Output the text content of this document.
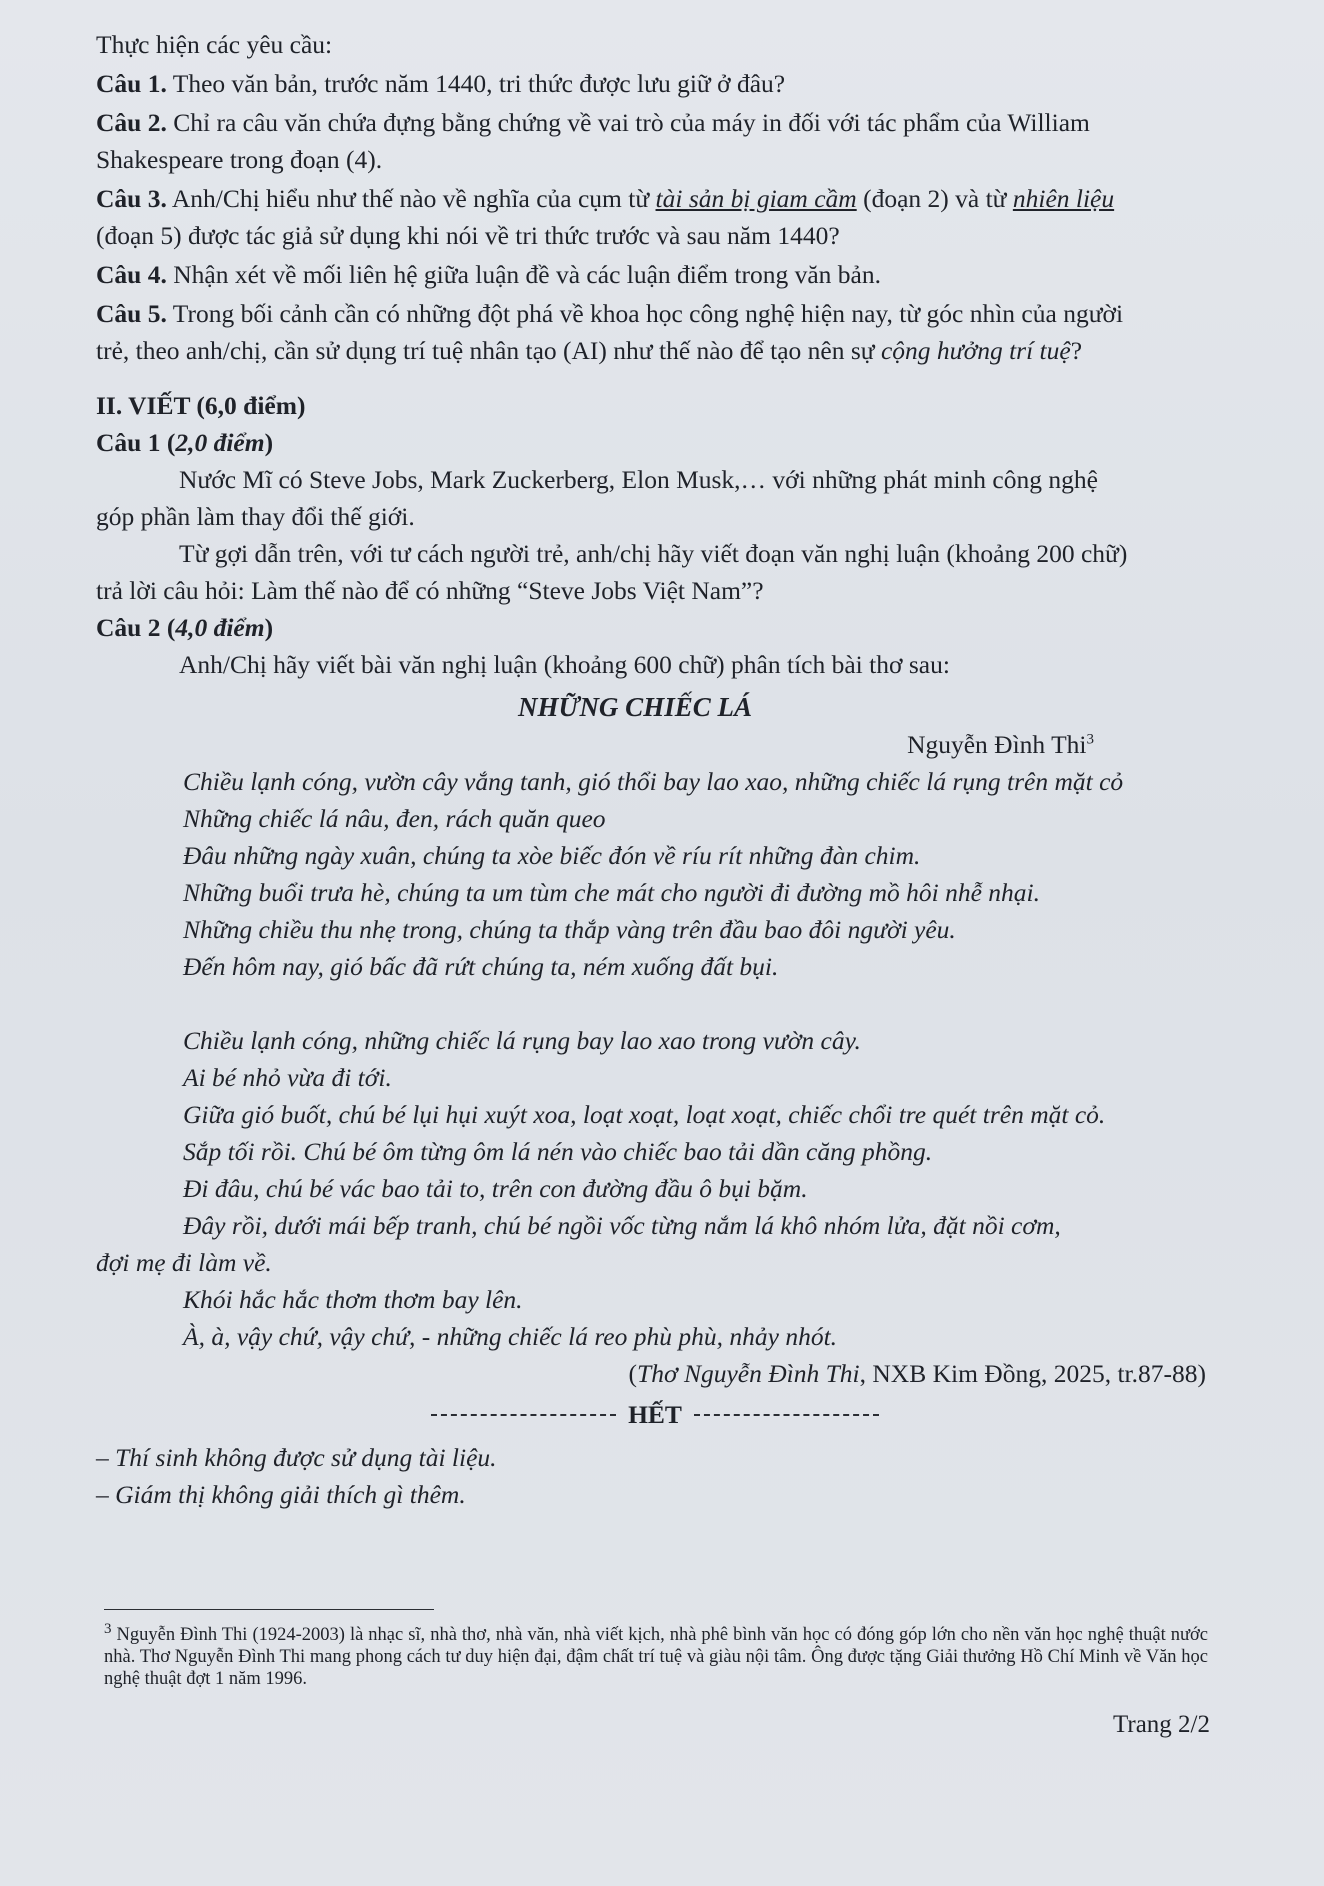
Thực hiện các yêu cầu:
Câu 1. Theo văn bản, trước năm 1440, tri thức được lưu giữ ở đâu?
Câu 2. Chỉ ra câu văn chứa đựng bằng chứng về vai trò của máy in đối với tác phẩm của William
Shakespeare trong đoạn (4).
Câu 3. Anh/Chị hiểu như thế nào về nghĩa của cụm từ tài sản bị giam cầm (đoạn 2) và từ nhiên liệu
(đoạn 5) được tác giả sử dụng khi nói về tri thức trước và sau năm 1440?
Câu 4. Nhận xét về mối liên hệ giữa luận đề và các luận điểm trong văn bản.
Câu 5. Trong bối cảnh cần có những đột phá về khoa học công nghệ hiện nay, từ góc nhìn của người
trẻ, theo anh/chị, cần sử dụng trí tuệ nhân tạo (AI) như thế nào để tạo nên sự cộng hưởng trí tuệ?
II. VIẾT (6,0 điểm)
Câu 1 (2,0 điểm)
Nước Mĩ có Steve Jobs, Mark Zuckerberg, Elon Musk,… với những phát minh công nghệ
góp phần làm thay đổi thế giới.
Từ gợi dẫn trên, với tư cách người trẻ, anh/chị hãy viết đoạn văn nghị luận (khoảng 200 chữ)
trả lời câu hỏi: Làm thế nào để có những “Steve Jobs Việt Nam”?
Câu 2 (4,0 điểm)
Anh/Chị hãy viết bài văn nghị luận (khoảng 600 chữ) phân tích bài thơ sau:
NHỮNG CHIẾC LÁ
Nguyễn Đình Thi$^3$
Chiều lạnh cóng, vườn cây vắng tanh, gió thổi bay lao xao, những chiếc lá rụng trên mặt cỏ
Những chiếc lá nâu, đen, rách quăn queo
Đâu những ngày xuân, chúng ta xòe biếc đón về ríu rít những đàn chim.
Những buổi trưa hè, chúng ta um tùm che mát cho người đi đường mồ hôi nhễ nhại.
Những chiều thu nhẹ trong, chúng ta thắp vàng trên đầu bao đôi người yêu.
Đến hôm nay, gió bấc đã rứt chúng ta, ném xuống đất bụi.
Chiều lạnh cóng, những chiếc lá rụng bay lao xao trong vườn cây.
Ai bé nhỏ vừa đi tới.
Giữa gió buốt, chú bé lụi hụi xuýt xoa, loạt xoạt, loạt xoạt, chiếc chổi tre quét trên mặt cỏ.
Sắp tối rồi. Chú bé ôm từng ôm lá nén vào chiếc bao tải dần căng phồng.
Đi đâu, chú bé vác bao tải to, trên con đường đầu ô bụi bặm.
Đây rồi, dưới mái bếp tranh, chú bé ngồi vốc từng nắm lá khô nhóm lửa, đặt nồi cơm,
đợi mẹ đi làm về.
Khói hắc hắc thơm thơm bay lên.
À, à, vậy chứ, vậy chứ, - những chiếc lá reo phù phù, nhảy nhót.
(Thơ Nguyễn Đình Thi, NXB Kim Đồng, 2025, tr.87-88)
HẾT
– Thí sinh không được sử dụng tài liệu.
– Giám thị không giải thích gì thêm.
$^3$ Nguyễn Đình Thi (1924-2003) là nhạc sĩ, nhà thơ, nhà văn, nhà viết kịch, nhà phê bình văn học có đóng góp lớn cho nền văn học nghệ thuật nước nhà. Thơ Nguyễn Đình Thi mang phong cách tư duy hiện đại, đậm chất trí tuệ và giàu nội tâm. Ông được tặng Giải thưởng Hồ Chí Minh về Văn học nghệ thuật đợt 1 năm 1996.
Trang 2/2
